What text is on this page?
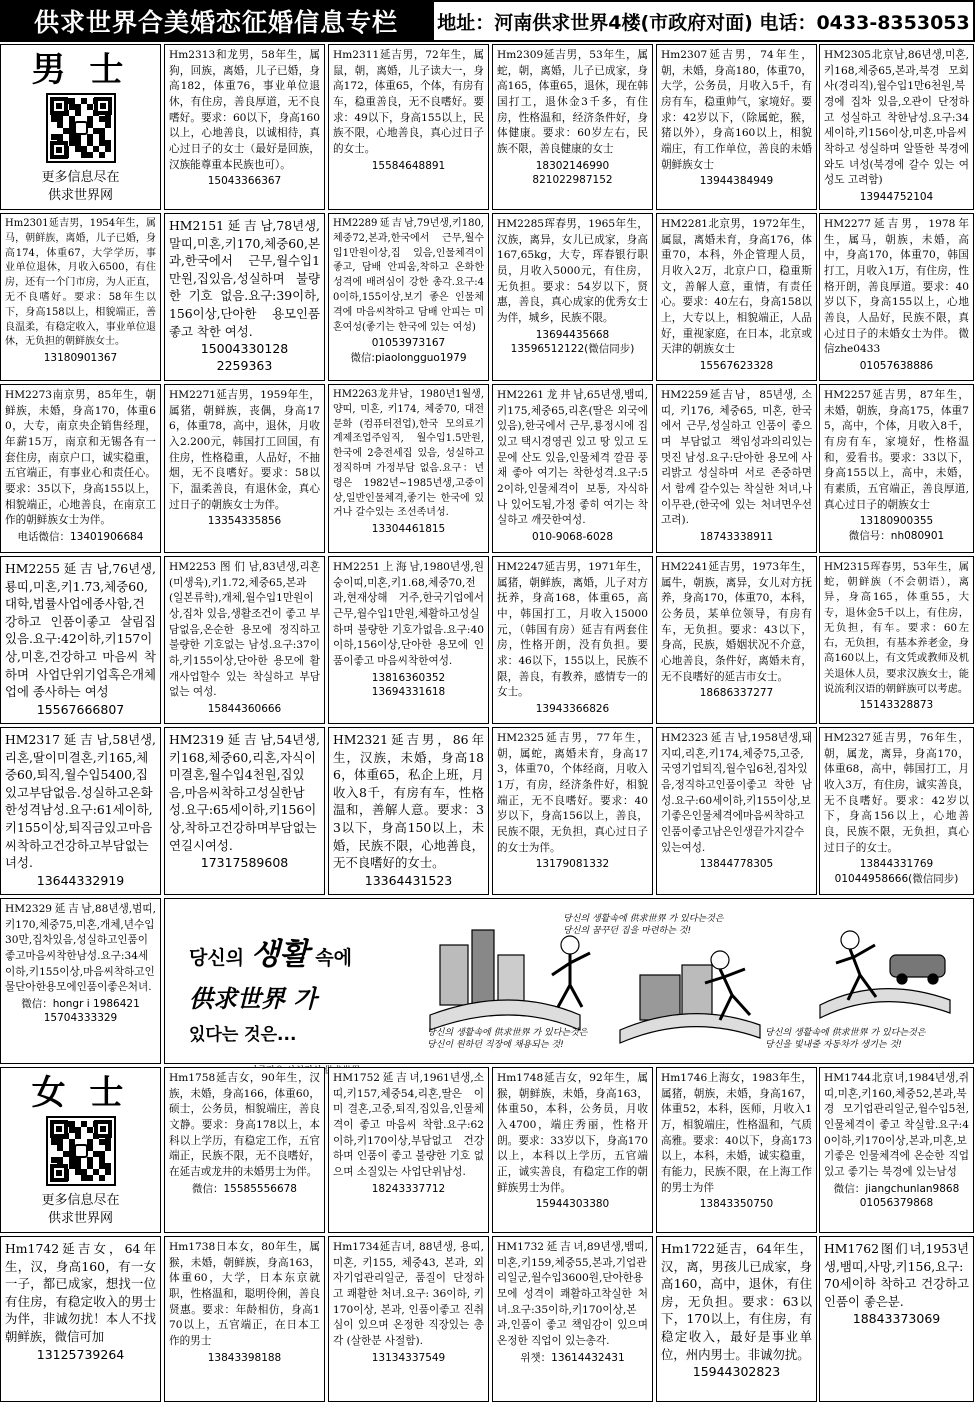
供求世界合美婚恋征婚信息专栏	地址：河南供求世界4楼(市政府对面) 电话：0433-8353053
男 士
更多信息尽在
供求世界网
Hm2313和龙男，58年生，属狗，回族，离婚，儿子已婚，身高182，体重76，事业单位退休，有住房，善良厚道，无不良嗜好。要求：60以下，身高160以上，心地善良，以诚相待，真心过日子的女士（最好是回族，汉族能尊重本民族也可）。
15043366367
Hm2311延吉男，72年生，属鼠，朝，离婚，儿子读大一，身高172，体重65，个体，有房有车，稳重善良，无不良嗜好。要求：49以下，身高155以上，民族不限，心地善良，真心过日子的女士。
15584648891
Hm2309延吉男，53年生，属蛇，朝，离婚，儿子已成家，身高165，体重65，退休，现在韩国打工，退休金3千多，有住房，性格温和，经济条件好，身体健康。要求：60岁左右，民族不限，善良健康的女士
18302146990
821022987152
Hm2307延吉男，74年生，朝，未婚，身高180，体重70，大学，公务员，月收入5千，有房有车，稳重帅气，家境好。要求：42岁以下，（除属蛇，猴，猪以外），身高160以上，相貌端庄，有工作单位，善良的未婚朝鲜族女士
13944384949
HM2305北京남,86년생,미혼,키168,체중65,본과,북경 모회사(경리직),월수입1만6천원,북경에 집차 있음,오관이 단정하고 성실하고 착한남성.요구:34세이하,키156이상,미혼,마음씨 착하고 성실하며 알뜰한 북경에 와도 녀성(북경에 갈수 있는 여성도 고려함)
13944752104
Hm2301延吉男，1954年生，属马，朝鲜族，离婚，儿子已婚，身高174，体重67，大学学历，事业单位退休，月收入6500，有住房，还有一个门市房，为人正直，无不良嗜好。要求：58年生以下，身高158以上，相貌端正，善良温柔，有稳定收入，事业单位退休，无负担的朝鲜族女士。
13180901367
HM2151延吉남,78년생,말띠,미혼,키170,체중60,본과,한국에서 근무,월수입1만원,집있음,성실하며 불량한 기호 없음.요구:39이하,156이상,단아한 용모인품 좋고 착한 여성.
15004330128
2259363
HM2289延吉남,79년생,키180,체중72,본과,한국에서 근무,월수입1만원이상,집 있음,인물체격이 좋고, 담배 안피움,착하고 온화한 성격에 배려심이 강한 총각.요구:40이하,155이상,보기 좋은 인물체격에 마음씨착하고 담배 안피는 미혼여성(좋기는 한국에 있는 여성)
01053973167
微信:piaolongguo1979
HM2285珲春男，1965年生，汉族，离异，女儿已成家，身高167,65kg，大专，珲春银行职员，月收入5000元，有住房，无负担。要求：54岁以下，贤惠，善良，真心成家的优秀女士为伴，城乡，民族不限。
13694435668
13596512122(微信同步)
HM2281北京男，1972年生，属鼠，离婚未育，身高176，体重70，本科，外企管理人员，月收入2万，北京户口，稳重斯文，善解人意，重情，有责任心。要求：40左右，身高158以上，大专以上，相貌端正，人品好，重视家庭，在日本，北京或天津的朝族女士
15567623328
HM2277延吉男，1978年生，属马，朝族，未婚，高中，身高170，体重70，韩国打工，月收入1万，有住房，性格开朗，善良厚道。要求：40岁以下，身高155以上，心地善良，人品好，民族不限，真心过日子的未婚女士为伴。 微信zhe0433
01057638886
HM2273南京男，85年生，朝鲜族，未婚，身高170，体重60，大专，南京央企销售经理，年薪15万，南京和无锡各有一套住房，南京户口，诚实稳重，五官端正，有事业心和责任心。要求：35以下，身高155以上，相貌端正，心地善良，在南京工作的朝鲜族女士为伴。
电话微信：13401906684
HM2271延吉男，1959年生，属猪，朝鲜族，丧偶，身高176，体重78，高中，退休，月收入2.200元，韩国打工回国，有住房，性格稳重，人品好，不抽烟，无不良嗜好。要求：58以下，温柔善良，有退休金，真心过日子的朝族女士为伴。
13354335856
HM2263龙井남，1980년1월생, 양띠, 미혼, 키174, 체중70, 대전문화 (컴퓨터전업),한국 모의료기계제조업주임직, 월수입1.5만원, 한국에 2층전세집 있음, 성실하고 정직하며 가정부담 없음.요구：년령은 1982년~1985년생,고중이상,일반인물체격,좋기는 한국에 있거나 갈수있는 조선족녀성.
13304461815
HM2261龙井남,65년생,뱀띠,키175,체중65,리혼(딸은 외국에 있음),한국에서 근무,룡정시에 집있고 택시경영권 있고 땅 있고 도문에 산도 있음,인물체격 깔끔 풍채 좋아 여기는 착한성격.요구:52이하,인물체격이 보통, 자식하나 있어도됨,가정 좋히 여기는 착실하고 깨끗한여성.
010-9068-6028
HM2259延吉남，85년생, 소띠, 키176, 체중65, 미혼, 한국에서 근무,성실하고 인품이 좋으며 부담없고 책임성과의리있는 멋진 남성.요구:단아한 용모에 사리밝고 성실하며 서로 존중하면서 함께 갈수있는 착실한 처녀,나이무관,(한국에 있는 처녀면우선고려).
18743338911
HM2257延吉男，87年生，未婚，朝族，身高175，体重75，高中，个体，月收入8千，有房有车，家境好，性格温和，爱看书。要求：33以下，身高155以上，高中，未婚，有素质，五官端正，善良厚道,真心过日子的朝族女士
13180900355
微信号：nh080901
HM2255延吉남,76년생,룡띠,미혼,키1.73,체중60,대학,법률사업에종사함,건강하고 인품이좋고 살림집 있음.요구:42이하,키157이상,미혼,건강하고 마음씨 착하며 사업단위기업혹은개체업에 종사하는 여성
15567666807
HM2253图们남,83년생,리혼(미생육),키1.72,체중65,본과(일본류학),개체,월수입1만원이상,집차 있음,생활조건이 좋고 부담없음,온순한 용모에 정직하고 불량한 기호없는 남성.요구:37이하,키155이상,단아한 용모에 활개사업할수 있는 착실하고 부담없는 여성.
15844360666
HM2251上海남,1980년생,원숭이띠,미혼,키1.68,체중70,전과,현재상해 거주,한국기업에서근무,월수입1만원,체활하고성실하며 불량한 기호가없음.요구:40이하,156이상,단아한 용모에 인품이좋고 마음씨착한여성.
13816360352
13694331618
HM2247延吉男，1971年生，属猪，朝鲜族，离婚，儿子对方抚养，身高168，体重65，高中，韩国打工，月收入15000元，（韩国有房）延吉有两套住房，性格开朗，没有负担。要求：46以下，155以上，民族不限，善良，有教养，感情专一的女士。
13943366826
HM2241延吉男，1973年生，属牛，朝族，离异，女儿对方抚养，身高170，体重70，本科，公务员，某单位领导，有房有车，无负担。要求：43以下，身高，民族，婚姻状况不介意，心地善良，条件好，离婚未育，无不良嗜好的延吉市女士。
18686337277
HM2315珲春男，53年生，属蛇，朝鲜族（不会朝语），离异，身高165，体重55，大专，退休金5千以上，有住房，无负担，有车。要求：60左右，无负担，有基本养老金，身高160以上，有文凭或教师及机关退休人员，要求汉族女士，能说流利汉语的朝鲜族可以考虑。
15143328873
HM2317延吉남,58년생,리혼,딸이미결혼,키165,체중60,퇴직,월수입5400,집있고부담없음.성실하고온화한성격남성.요구:61세이하,키155이상,퇴직금있고마음씨착하고건강하고부담없는녀성.
13644332919
HM2319延吉남,54년생,키168,체중60,리혼,자식이미결혼,월수입4천원,집있음,마음씨착하고성실한남성.요구:65세이하,키156이상,착하고건강하며부담없는연길시여성.
17317589608
HM2321延吉男，86年生，汉族，未婚，身高186，体重65，私企上班，月收入8千，有房有车，性格温和，善解人意。要求：33以下，身高150以上，未婚，民族不限，心地善良，无不良嗜好的女士。
13364431523
HM2325延吉男，77年生，朝，属蛇，离婚未育，身高173，体重70，个体经商，月收入1万，有房，经济条件好，相貌端正，无不良嗜好。要求：40岁以下，身高156以上，善良，民族不限，无负担，真心过日子的女士为伴。
13179081332
HM2323延吉남,1958년생,돼지띠,리혼,키174,체중75,고중,국영기업퇴직,월수입6천,집차있음,정직하고인품이좋고 착한 남성.요구:60세이하,키155이상,보기좋은인물체격에마음씨착하고인품이좋고남은인생끝가지갈수있는여성.
13844778305
HM2327延吉男，76年生，朝，属龙，离异，身高170，体重68，高中，韩国打工，月收入3万，有住房，诚实善良，无不良嗜好。要求：42岁以下，身高156以上，心地善良，民族不限，无负担，真心过日子的女士。
13844331769
01044958666(微信同步)
HM2329延吉남,88년생,범띠,키170,체중75,미혼,개체,년수입30만,집차있음,성실하고인품이좋고마음씨착한남성.요구:34세이하,키155이상,마음씨착하고인물단아한용모에인품이좋은처녀.
微信：hongr i 1986421
15704333329
당신의 생활 속에
供求世界 가
있다는 것은...
당신의 생활속에 供求世界 가 있다는것은
당신의 꿈꾸던 집을 마련하는 것!
당신의 생활속에 供求世界 가 있다는것은
당신이 원하던 직장에 채용되는 것!
당신의 생활속에 供求世界 가 있다는것은
당신을 빛내줄 자동차가 생기는 것!
女 士
更多信息尽在
供求世界网
Hm1758延吉女，90年生，汉族，未婚，身高166，体重60，硕士，公务员，相貌端庄，善良文静。要求：身高178以上，本科以上学历，有稳定工作，五官端正，民族不限，无不良嗜好，在延吉或龙井的未婚男士为伴。
微信：15585556678
HM1752延吉녀,1961년생,소띠,키157,체중54,리혼,딸은 이미 결혼,고중,퇴직,집있음,인물체격이 좋고 마음씨 착함.요구:62이하,키170이상,부담없고 건강하며 인품이 좋고 불량한 기호 없으며 소질있는 사업단위남성.
18243337712
Hm1748延吉女，92年生，属猴，朝鲜族，未婚，身高163，体重50，本科，公务员，月收入4700，端庄秀丽，性格开朗。要求：33岁以下，身高170以上，本科以上学历，五官端正，诚实善良，有稳定工作的朝鲜族男士为伴。
15944303380
Hm1746上海女，1983年生，属猪，朝族，未婚，身高167，体重52，本科，医师，月收入1万，相貌端庄，性格温和，气质高雅。要求：40以下，身高173以上，本科，未婚，诚实稳重，有能力，民族不限，在上海工作的男士为伴
13843350750
HM1744北京녀,1984년생,쥐띠,미혼,키160,체중52,본과,북경 모기업관리일군,월수입5천,인물체격이 좋고 착실함.요구:40이하,키170이상,본과,미혼,보기좋은 인물체격에 온순한 직업있고 좋기는 북경에 있는남성
微信：jiangchunlan9868
01056379868
Hm1742延吉女，64年生，汉，身高160，有一女一子，都已成家，想找一位有住房，有稳定收入的男士为伴，非诚勿扰！本人不找朝鲜族，微信可加
13125739264
Hm1738日本女，80年生，属猴，未婚，朝鲜族，身高163，体重60，大学，日本东京就职，性格温和，聪明伶俐，善良贤惠。要求：年龄相仿，身高170以上，五官端正，在日本工作的男士
13843398188
Hm1734延吉녀, 88년생, 용띠, 미혼, 키155, 체중43, 본과, 외자기업관리일군, 품질이 단정하고 쾌활한 처녀.요구: 36이하, 키170이상, 본과, 인품이좋고 진취심이 있으며 온정한 직장있는 총각 (살한분 사절함).
13134337549
HM1732延吉녀,89년생,뱀띠,미혼,키159,체중55,본과,기업관리일군,월수입3600원,단아한용모에 성격이 쾌활하고착실한 처녀.요구:35이하,키170이상,본과,인품이 좋고 책임감이 있으며 온정한 직업이 있는총각.
위챗：13614432431
Hm1722延吉，64年生，汉，离，男孩儿已成家，身高160，高中，退休，有住房，无负担。要求：63以下，170以上，有住房，有稳定收入，最好是事业单位，州内男士。非诚勿扰。
15944302823
HM1762图们녀,1953년생,뱀띠,사망,키156,요구:70세이하 착하고 건강하고 인품이 좋은분.
18843373069
